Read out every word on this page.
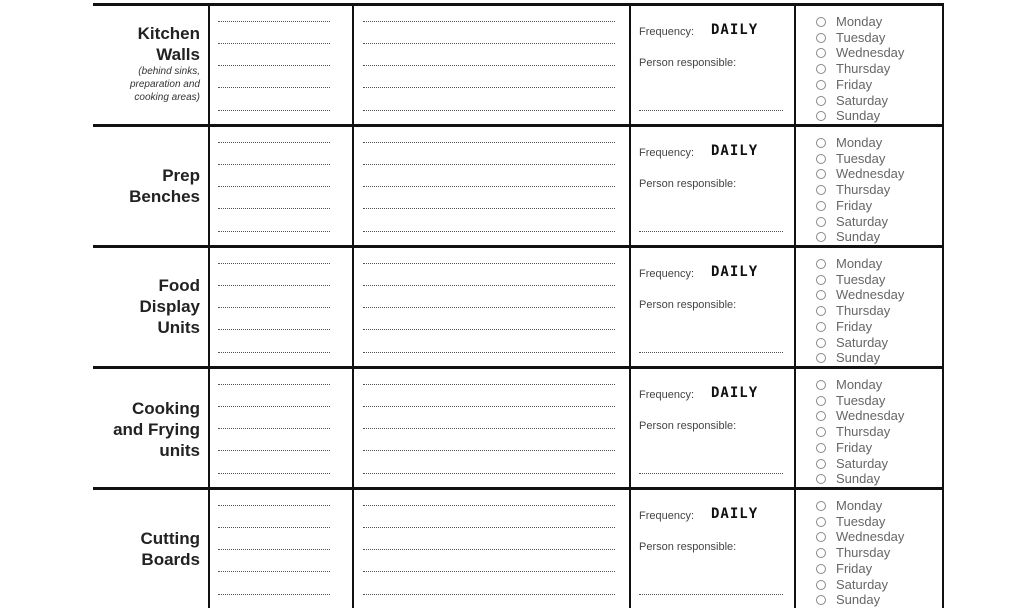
Kitchen
Walls
(behind sinks, preparation and cooking areas)
Frequency: DAILY
Person responsible:
Monday
Tuesday
Wednesday
Thursday
Friday
Saturday
Sunday
Prep
Benches
Frequency: DAILY
Person responsible:
Monday
Tuesday
Wednesday
Thursday
Friday
Saturday
Sunday
Food
Display
Units
Frequency: DAILY
Person responsible:
Monday
Tuesday
Wednesday
Thursday
Friday
Saturday
Sunday
Cooking
and Frying
units
Frequency: DAILY
Person responsible:
Monday
Tuesday
Wednesday
Thursday
Friday
Saturday
Sunday
Cutting
Boards
Frequency: DAILY
Person responsible:
Monday
Tuesday
Wednesday
Thursday
Friday
Saturday
Sunday
